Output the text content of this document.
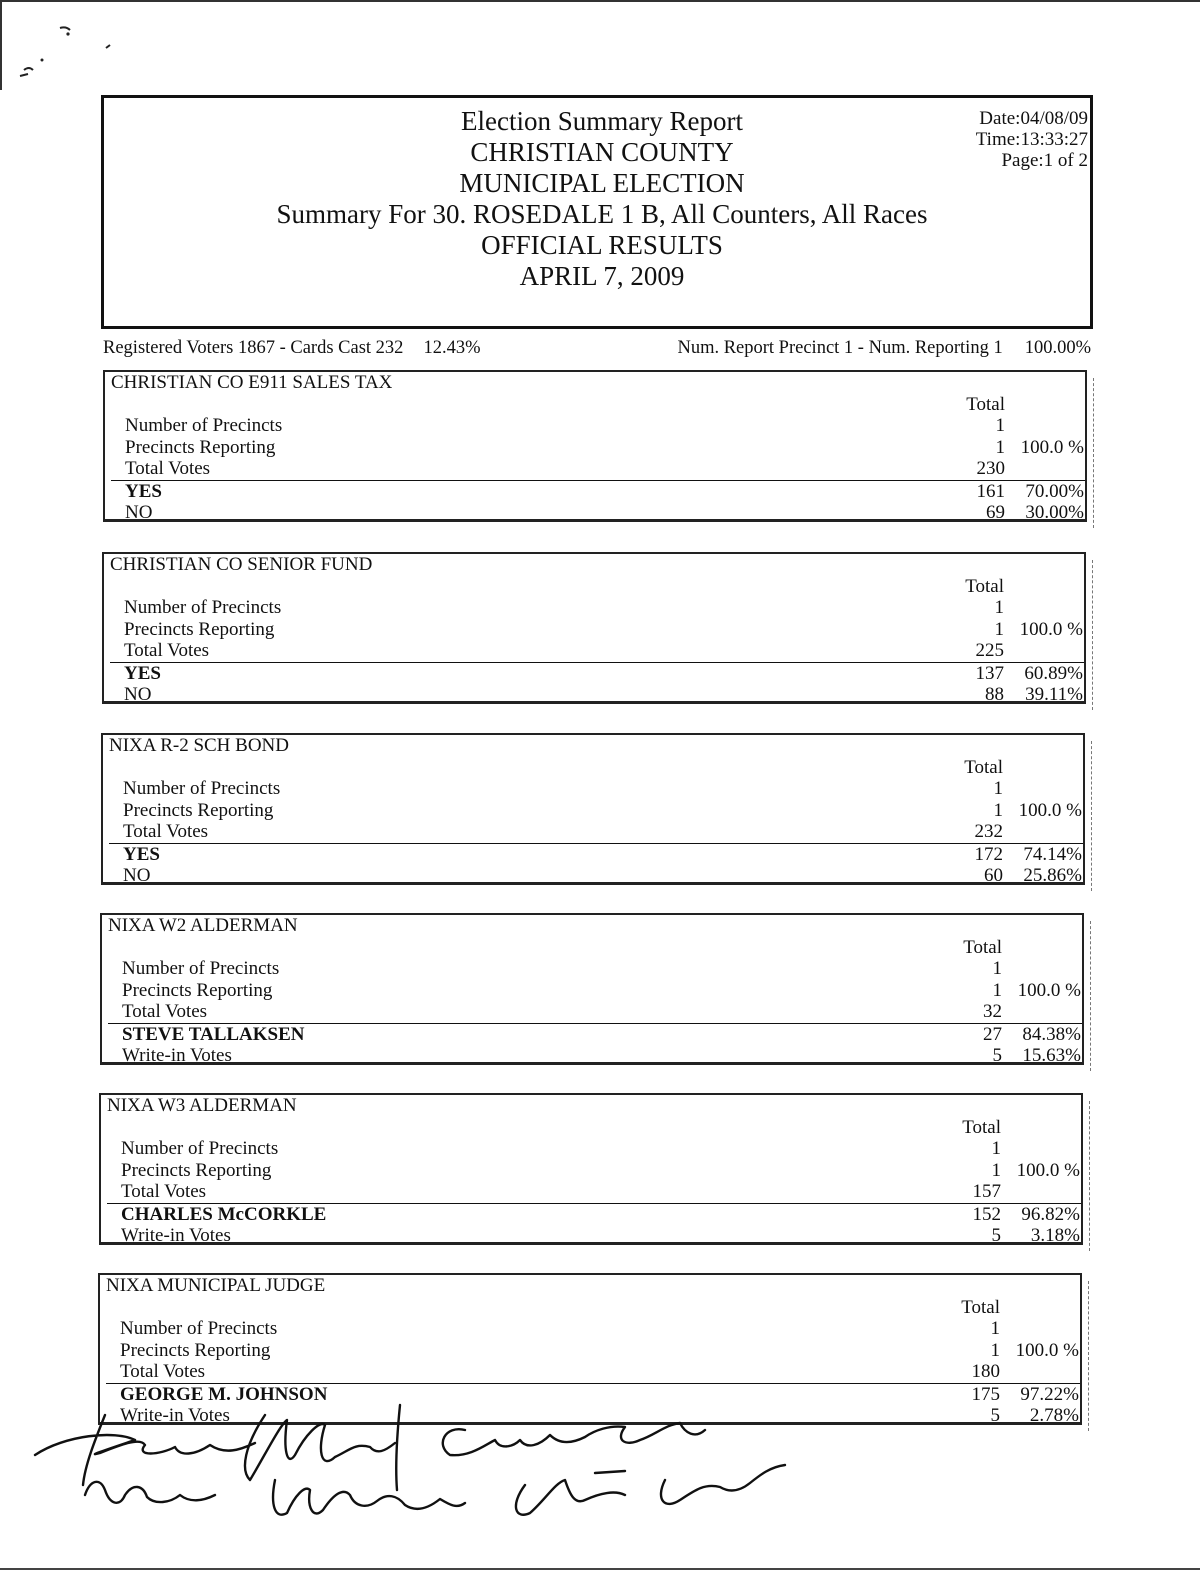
Election Summary Report
CHRISTIAN COUNTY
MUNICIPAL ELECTION
Summary For 30. ROSEDALE 1 B, All Counters, All Races
OFFICIAL RESULTS
APRIL 7, 2009
Date:04/08/09
Time:13:33:27
Page:1 of 2
Registered Voters 1867 - Cards Cast 232 12.43%	Num. Report Precinct 1 - Num. Reporting 1 100.00%
CHRISTIAN CO E911 SALES TAX
Total
Number of Precincts	1
Precincts Reporting	1 100.0 %
Total Votes	230
YES	161	70.00%
NO	69	30.00%
CHRISTIAN CO SENIOR FUND
Total
Number of Precincts	1
Precincts Reporting	1 100.0 %
Total Votes	225
YES	137	60.89%
NO	88	39.11%
NIXA R-2 SCH BOND
Total
Number of Precincts	1
Precincts Reporting	1 100.0 %
Total Votes	232
YES	172	74.14%
NO	60	25.86%
NIXA W2 ALDERMAN
Total
Number of Precincts	1
Precincts Reporting	1 100.0 %
Total Votes	32
STEVE TALLAKSEN	27	84.38%
Write-in Votes	5	15.63%
NIXA W3 ALDERMAN
Total
Number of Precincts	1
Precincts Reporting	1 100.0 %
Total Votes	157
CHARLES McCORKLE	152	96.82%
Write-in Votes	5	3.18%
NIXA MUNICIPAL JUDGE
Total
Number of Precincts	1
Precincts Reporting	1 100.0 %
Total Votes	180
GEORGE M. JOHNSON	175	97.22%
Write-in Votes	5	2.78%
